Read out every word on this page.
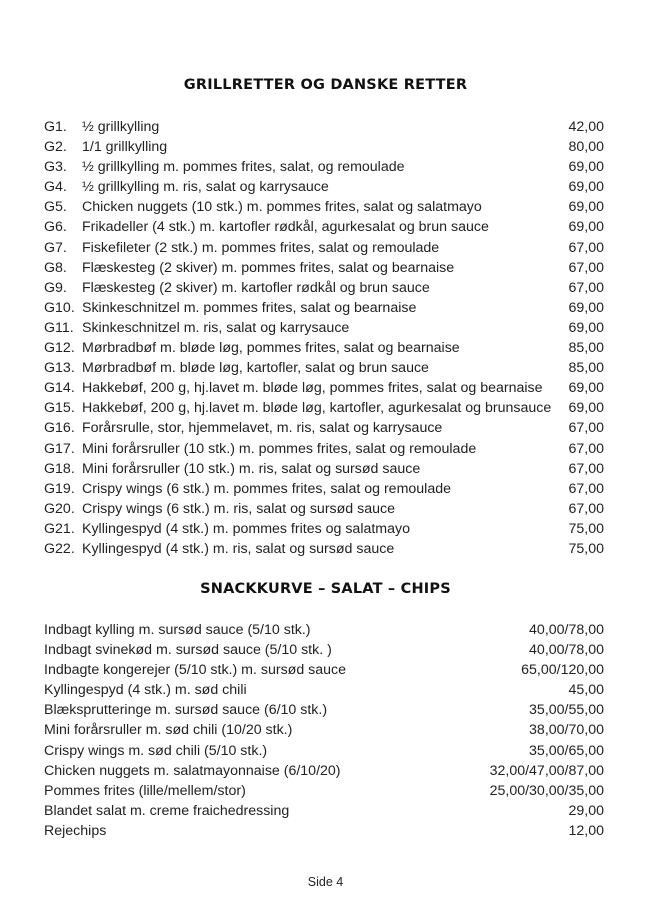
GRILLRETTER OG DANSKE RETTER
G1.	½ grillkylling	42,00
G2.	1/1 grillkylling	80,00
G3.	½ grillkylling m. pommes frites, salat, og remoulade	69,00
G4.	½ grillkylling m. ris, salat og karrysauce	69,00
G5.	Chicken nuggets (10 stk.) m. pommes frites, salat og salatmayo	69,00
G6.	Frikadeller (4 stk.) m. kartofler rødkål, agurkesalat og brun sauce	69,00
G7.	Fiskefileter (2 stk.) m. pommes frites, salat og remoulade	67,00
G8.	Flæskesteg (2 skiver) m. pommes frites, salat og bearnaise	67,00
G9.	Flæskesteg (2 skiver) m. kartofler rødkål og brun sauce	67,00
G10. Skinkeschnitzel m. pommes frites, salat og bearnaise	69,00
G11. Skinkeschnitzel m. ris, salat og karrysauce	69,00
G12. Mørbradbøf m. bløde løg, pommes frites, salat og bearnaise	85,00
G13. Mørbradbøf m. bløde løg, kartofler, salat og brun sauce	85,00
G14. Hakkebøf, 200 g, hj.lavet m. bløde løg, pommes frites, salat og bearnaise	69,00
G15. Hakkebøf, 200 g, hj.lavet m. bløde løg, kartofler, agurkesalat og brunsauce	69,00
G16. Forårsrulle, stor, hjemmelavet, m. ris, salat og karrysauce	67,00
G17. Mini forårsruller (10 stk.) m. pommes frites, salat og remoulade	67,00
G18. Mini forårsruller (10 stk.) m. ris, salat og sursød sauce	67,00
G19. Crispy wings (6 stk.) m. pommes frites, salat og remoulade	67,00
G20. Crispy wings (6 stk.) m. ris, salat og sursød sauce	67,00
G21. Kyllingespyd (4 stk.) m. pommes frites og salatmayo	75,00
G22. Kyllingespyd (4 stk.) m. ris, salat og sursød sauce	75,00
SNACKKURVE – SALAT – CHIPS
Indbagt kylling m. sursød sauce (5/10 stk.)	40,00/78,00
Indbagt svinekød m. sursød sauce (5/10 stk. )	40,00/78,00
Indbagte kongerejer (5/10 stk.) m. sursød sauce	65,00/120,00
Kyllingespyd (4 stk.) m. sød chili	45,00
Blæksprutteringe m. sursød sauce (6/10 stk.)	35,00/55,00
Mini forårsruller m. sød chili (10/20 stk.)	38,00/70,00
Crispy wings m. sød chili (5/10 stk.)	35,00/65,00
Chicken nuggets m. salatmayonnaise (6/10/20)	32,00/47,00/87,00
Pommes frites (lille/mellem/stor)	25,00/30,00/35,00
Blandet salat m. creme fraichedressing	29,00
Rejechips	12,00
Side 4
